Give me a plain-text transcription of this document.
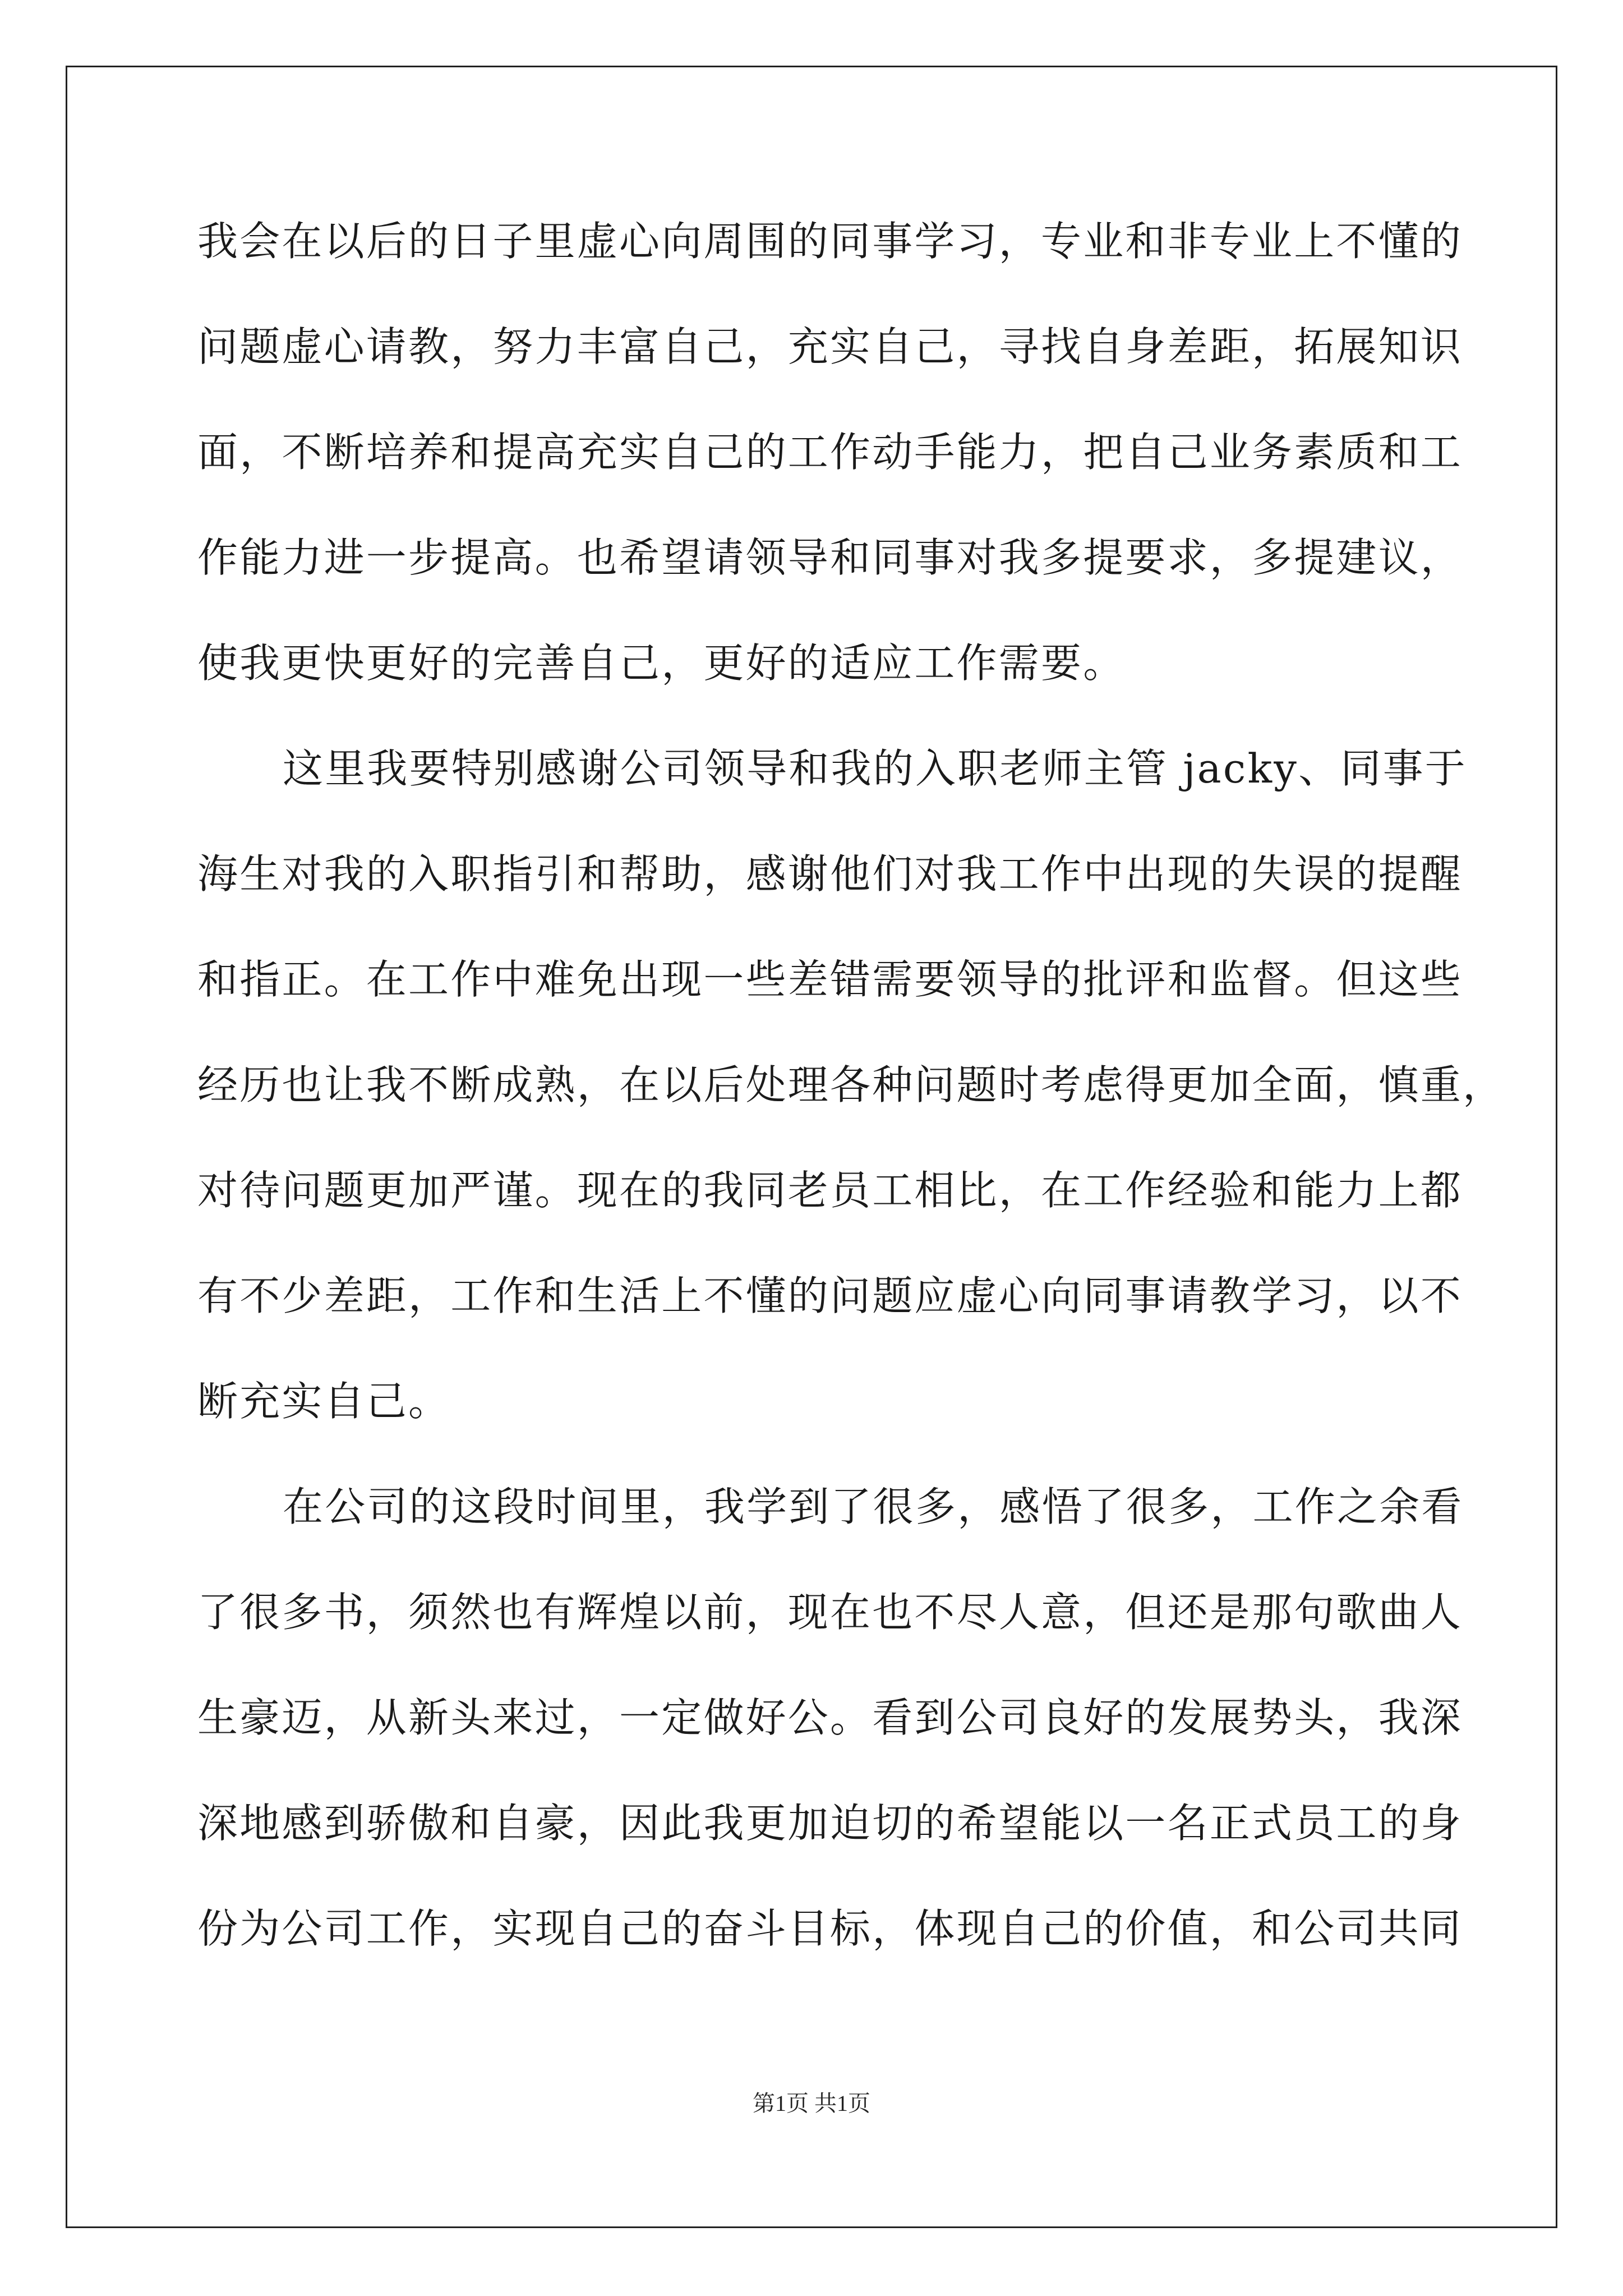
我会在以后的日子里虚心向周围的同事学习，专业和非专业上不懂的
问题虚心请教，努力丰富自己，充实自己，寻找自身差距，拓展知识
面，不断培养和提高充实自己的工作动手能力，把自己业务素质和工
作能力进一步提高。也希望请领导和同事对我多提要求，多提建议，
使我更快更好的完善自己，更好的适应工作需要。
这里我要特别感谢公司领导和我的入职老师主管 jacky、同事于
海生对我的入职指引和帮助，感谢他们对我工作中出现的失误的提醒
和指正。在工作中难免出现一些差错需要领导的批评和监督。但这些
经历也让我不断成熟，在以后处理各种问题时考虑得更加全面，慎重，
对待问题更加严谨。现在的我同老员工相比，在工作经验和能力上都
有不少差距，工作和生活上不懂的问题应虚心向同事请教学习，以不
断充实自己。
在公司的这段时间里，我学到了很多，感悟了很多，工作之余看
了很多书，须然也有辉煌以前，现在也不尽人意，但还是那句歌曲人
生豪迈，从新头来过，一定做好公。看到公司良好的发展势头，我深
深地感到骄傲和自豪，因此我更加迫切的希望能以一名正式员工的身
份为公司工作，实现自己的奋斗目标，体现自己的价值，和公司共同
第1页 共1页
